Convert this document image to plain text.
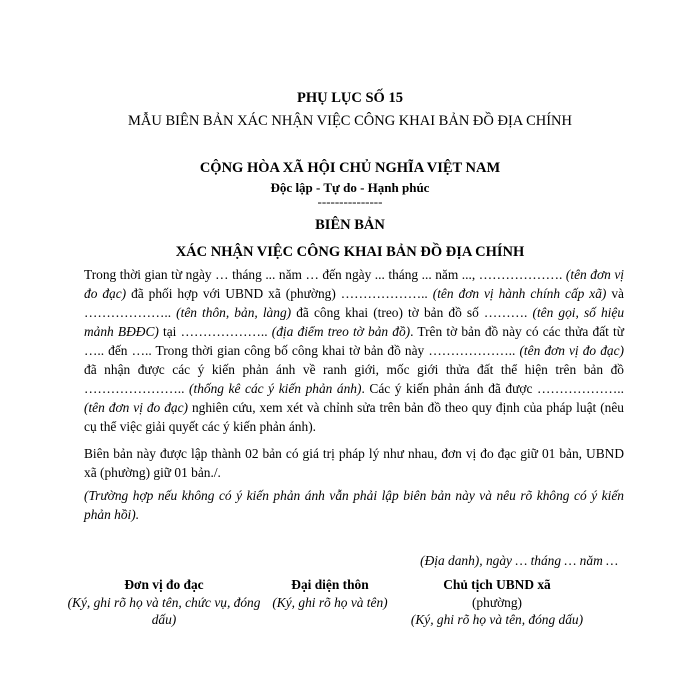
PHỤ LỤC SỐ 15
MẪU BIÊN BẢN XÁC NHẬN VIỆC CÔNG KHAI BẢN ĐỒ ĐỊA CHÍNH
CỘNG HÒA XÃ HỘI CHỦ NGHĨA VIỆT NAM
Độc lập - Tự do - Hạnh phúc
---------------
BIÊN BẢN
XÁC NHẬN VIỆC CÔNG KHAI BẢN ĐỒ ĐỊA CHÍNH
Trong thời gian từ ngày … tháng ... năm … đến ngày ... tháng ... năm ..., ………………. (tên đơn vị đo đạc) đã phối hợp với UBND xã (phường) ……………….. (tên đơn vị hành chính cấp xã) và ……………….. (tên thôn, bản, làng) đã công khai (treo) tờ bản đồ số ………. (tên gọi, số hiệu mảnh BĐĐC) tại ……………….. (địa điểm treo tờ bản đồ). Trên tờ bản đồ này có các thửa đất từ ….. đến ….. Trong thời gian công bố công khai tờ bản đồ này ……………….. (tên đơn vị đo đạc) đã nhận được các ý kiến phản ánh về ranh giới, mốc giới thửa đất thể hiện trên bản đồ ………………….. (thống kê các ý kiến phản ánh). Các ý kiến phản ánh đã được ……………….. (tên đơn vị đo đạc) nghiên cứu, xem xét và chỉnh sửa trên bản đồ theo quy định của pháp luật (nêu cụ thể việc giải quyết các ý kiến phản ánh).
Biên bản này được lập thành 02 bản có giá trị pháp lý như nhau, đơn vị đo đạc giữ 01 bản, UBND xã (phường) giữ 01 bản./.
(Trường hợp nếu không có ý kiến phản ánh vẫn phải lập biên bản này và nêu rõ không có ý kiến phản hồi).
(Địa danh), ngày … tháng … năm …
Đơn vị đo đạc
(Ký, ghi rõ họ và tên, chức vụ, đóng dấu)
Đại diện thôn
(Ký, ghi rõ họ và tên)
Chủ tịch UBND xã
(phường)
(Ký, ghi rõ họ và tên, đóng dấu)
